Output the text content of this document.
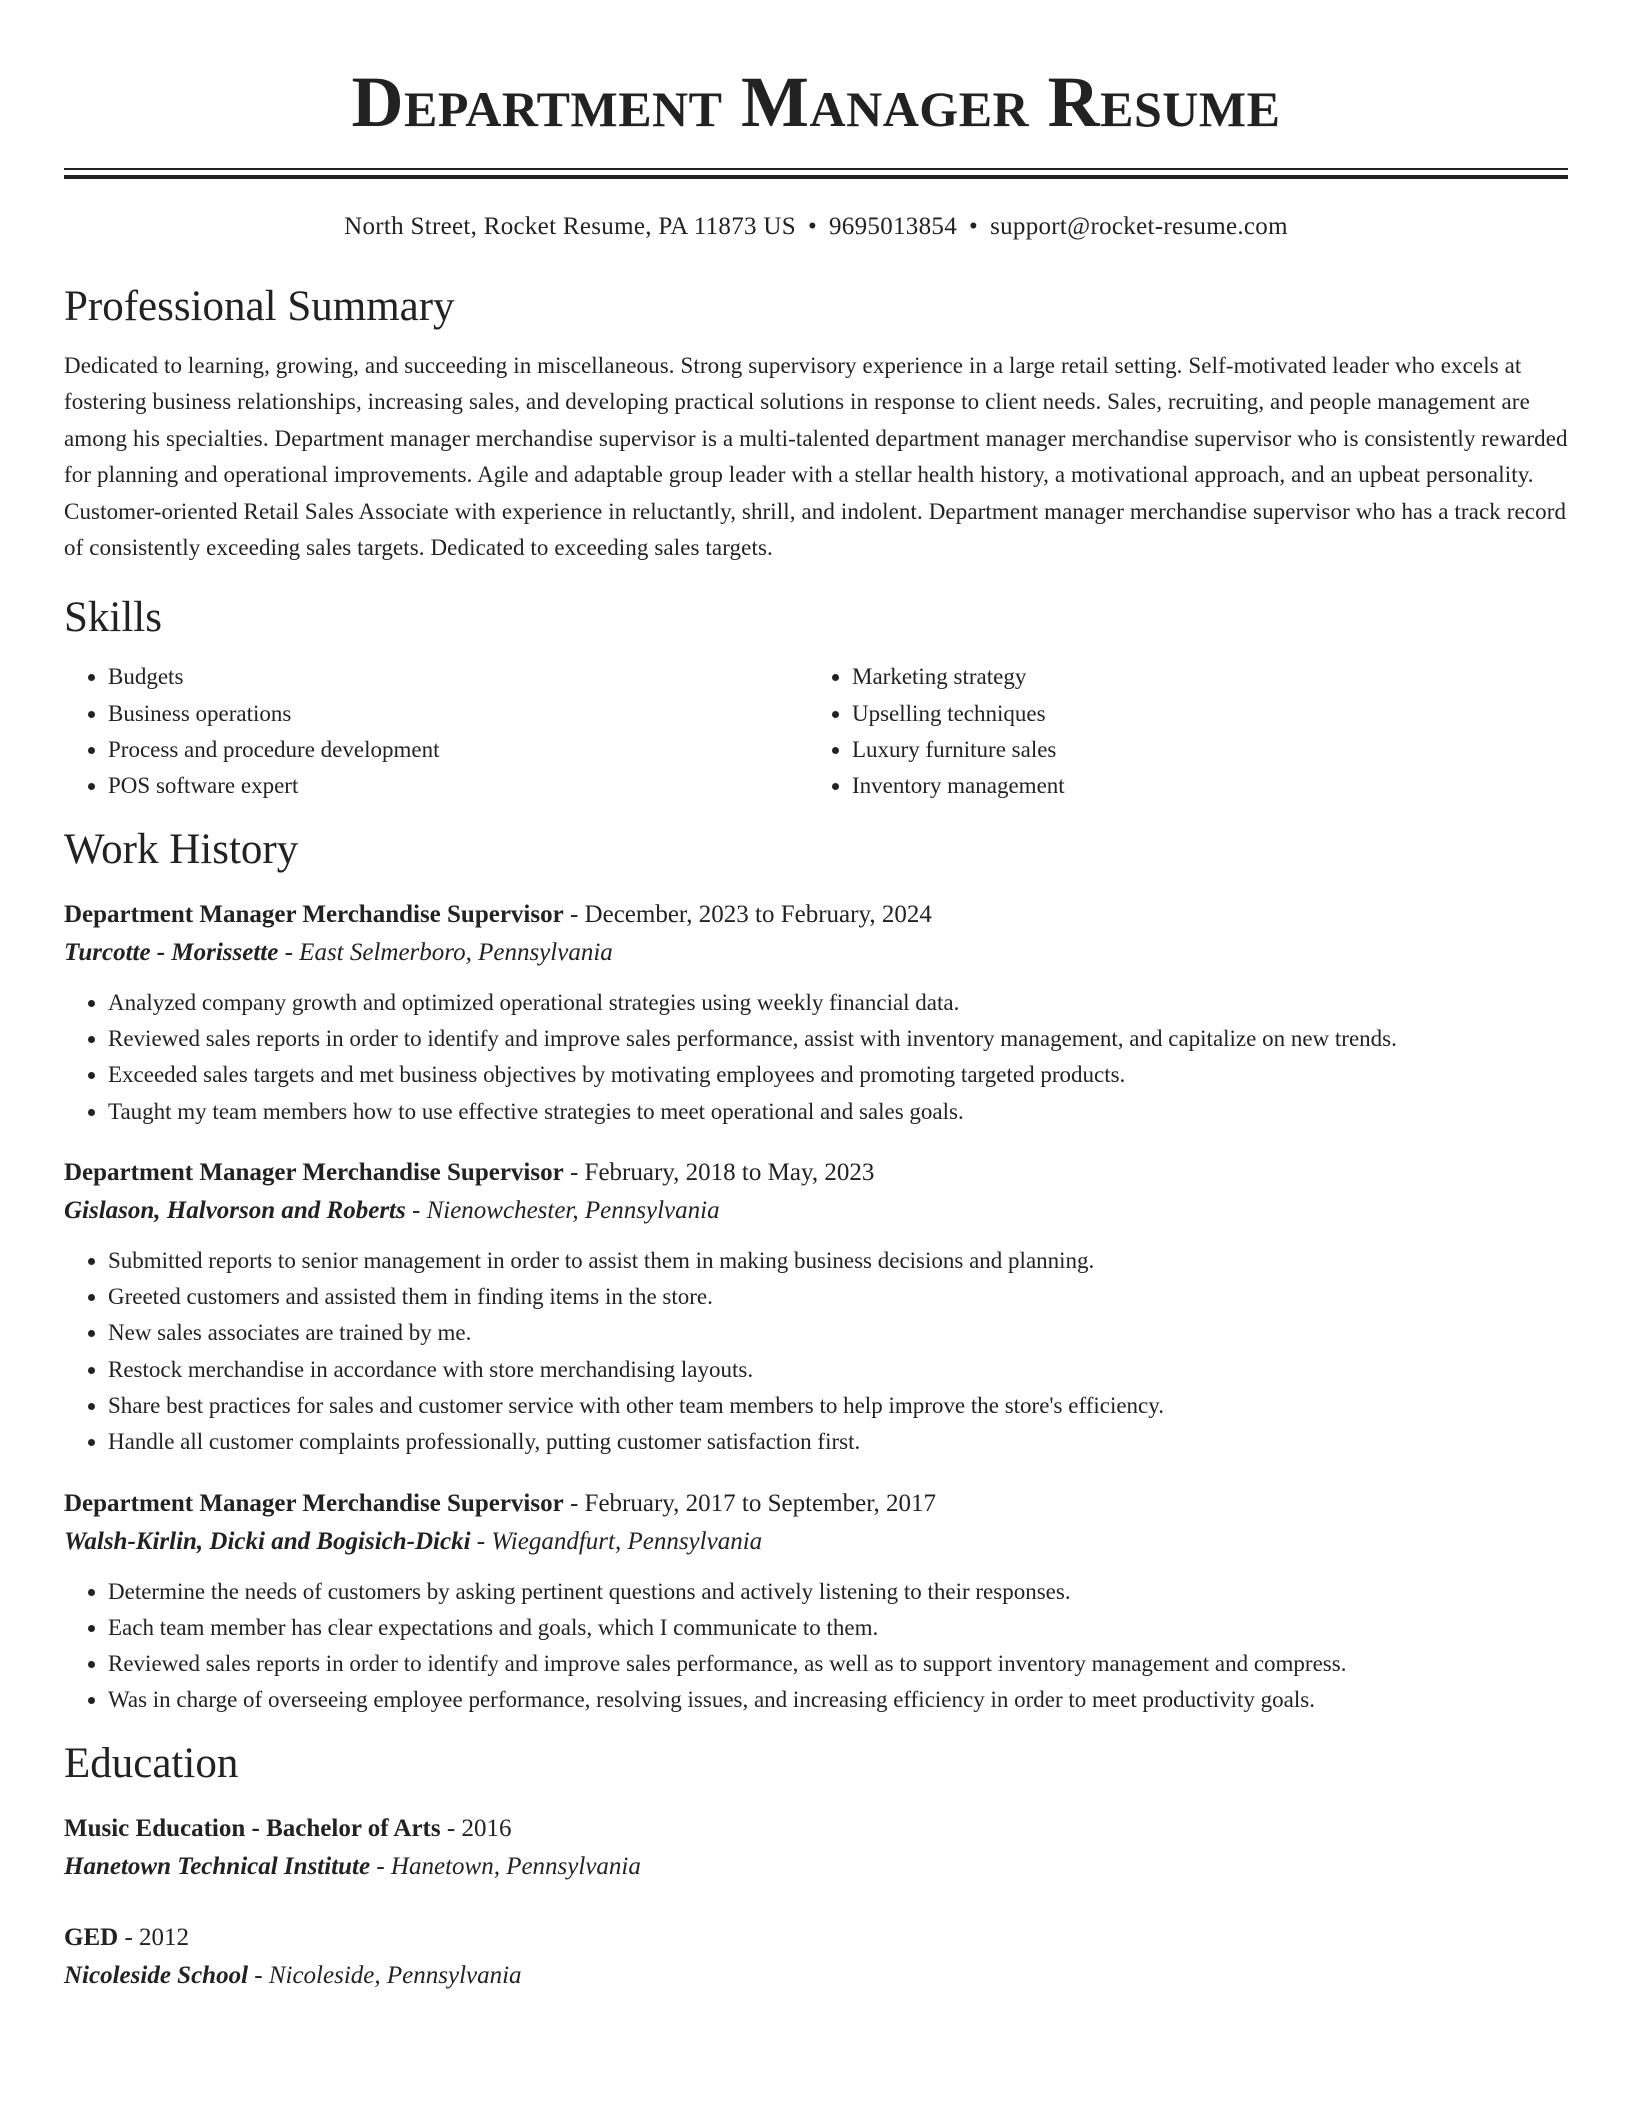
Department Manager Resume
North Street, Rocket Resume, PA 11873 US • 9695013854 • support@rocket-resume.com
Professional Summary
Dedicated to learning, growing, and succeeding in miscellaneous. Strong supervisory experience in a large retail setting. Self-motivated leader who excels at fostering business relationships, increasing sales, and developing practical solutions in response to client needs. Sales, recruiting, and people management are among his specialties. Department manager merchandise supervisor is a multi-talented department manager merchandise supervisor who is consistently rewarded for planning and operational improvements. Agile and adaptable group leader with a stellar health history, a motivational approach, and an upbeat personality. Customer-oriented Retail Sales Associate with experience in reluctantly, shrill, and indolent. Department manager merchandise supervisor who has a track record of consistently exceeding sales targets. Dedicated to exceeding sales targets.
Skills
• Budgets
• Business operations
• Process and procedure development
• POS software expert
• Marketing strategy
• Upselling techniques
• Luxury furniture sales
• Inventory management
Work History
Department Manager Merchandise Supervisor - December, 2023 to February, 2024
Turcotte - Morissette - East Selmerboro, Pennsylvania
• Analyzed company growth and optimized operational strategies using weekly financial data.
• Reviewed sales reports in order to identify and improve sales performance, assist with inventory management, and capitalize on new trends.
• Exceeded sales targets and met business objectives by motivating employees and promoting targeted products.
• Taught my team members how to use effective strategies to meet operational and sales goals.
Department Manager Merchandise Supervisor - February, 2018 to May, 2023
Gislason, Halvorson and Roberts - Nienowchester, Pennsylvania
• Submitted reports to senior management in order to assist them in making business decisions and planning.
• Greeted customers and assisted them in finding items in the store.
• New sales associates are trained by me.
• Restock merchandise in accordance with store merchandising layouts.
• Share best practices for sales and customer service with other team members to help improve the store's efficiency.
• Handle all customer complaints professionally, putting customer satisfaction first.
Department Manager Merchandise Supervisor - February, 2017 to September, 2017
Walsh-Kirlin, Dicki and Bogisich-Dicki - Wiegandfurt, Pennsylvania
• Determine the needs of customers by asking pertinent questions and actively listening to their responses.
• Each team member has clear expectations and goals, which I communicate to them.
• Reviewed sales reports in order to identify and improve sales performance, as well as to support inventory management and compress.
• Was in charge of overseeing employee performance, resolving issues, and increasing efficiency in order to meet productivity goals.
Education
Music Education - Bachelor of Arts - 2016
Hanetown Technical Institute - Hanetown, Pennsylvania
GED - 2012
Nicoleside School - Nicoleside, Pennsylvania
